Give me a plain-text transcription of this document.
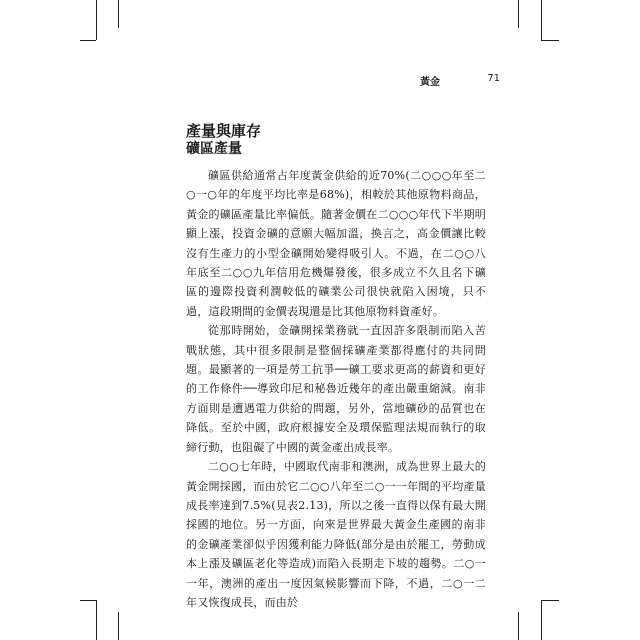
黃金	71
產量與庫存
礦區產量

礦區供給通常占年度黃金供給的近70%(二○○○年至二○一○年的年度平均比率是68%)，相較於其他原物料商品，黃金的礦區產量比率偏低。隨著金價在二○○○年代下半期明顯上漲，投資金礦的意願大幅加溫，換言之，高金價讓比較沒有生產力的小型金礦開始變得吸引人。不過，在二○○八年底至二○○九年信用危機爆發後，很多成立不久且名下礦區的邊際投資利潤較低的礦業公司很快就陷入困境，只不過，這段期間的金價表現還是比其他原物料資產好。

從那時開始，金礦開採業務就一直因許多限制而陷入苦戰狀態，其中很多限制是整個採礦產業都得應付的共同問題。最顯著的一項是勞工抗爭──礦工要求更高的薪資和更好的工作條件──導致印尼和秘魯近幾年的產出嚴重縮減。南非方面則是遭遇電力供給的問題，另外，當地礦砂的品質也在降低。至於中國，政府根據安全及環保監理法規而執行的取締行動，也阻礙了中國的黃金產出成長率。

二○○七年時，中國取代南非和澳洲，成為世界上最大的黃金開採國，而由於它二○○八年至二○一一年間的平均產量成長率達到7.5%(見表2.13)，所以之後一直得以保有最大開採國的地位。另一方面，向來是世界最大黃金生產國的南非的金礦產業卻似乎因獲利能力降低(部分是由於罷工，勞動成本上漲及礦區老化等造成)而陷入長期走下坡的趨勢。二○一一年，澳洲的產出一度因氣候影響而下降，不過，二○一二年又恢復成長，而由於
